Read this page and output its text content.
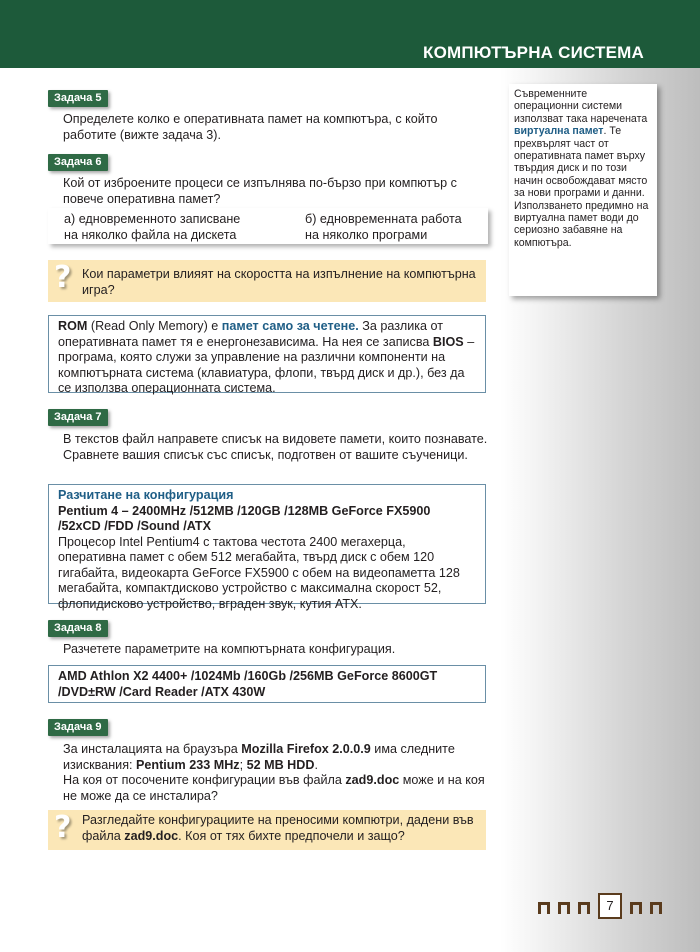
КОМПЮТЪРНА СИСТЕМА
Съвременните операционни системи използват така наречената виртуална памет. Те прехвърлят част от оперативната памет върху твърдия диск и по този начин освобождават място за нови програми и данни. Използването предимно на виртуална памет води до сериозно забавяне на компютъра.
Задача 5
Определете колко е оперативната памет на компютъра, с който работите (вижте задача 3).
Задача 6
Кой от изброените процеси се изпълнява по-бързо при компютър с повече оперативна памет?
а) едновременното записване
на няколко файла на дискета
б) едновременната работа
на няколко програми
? Кои параметри влияят на скоростта на изпълнение на компютърна игра?
ROM (Read Only Memory) е памет само за четене. За разлика от оперативната памет тя е енергонезависима. На нея се записва BIOS – програма, която служи за управление на различни компоненти на компютърната система (клавиатура, флопи, твърд диск и др.), без да се използва операционната система.
Задача 7
В текстов файл направете списък на видовете памети, които познавате. Сравнете вашия списък със списък, подготвен от вашите съученици.
Разчитане на конфигурация
Pentium 4 – 2400MHz /512MB /120GB /128MB GeForce FX5900
/52xCD /FDD /Sound /ATX
Процесор Intel Pentium4 с тактова честота 2400 мегахерца, оперативна памет с обем 512 мегабайта, твърд диск с обем 120 гигабайта, видеокарта GeForce FX5900 с обем на видеопаметта 128 мегабайта, компактдисково устройство с максимална скорост 52, флопидисково устройство, вграден звук, кутия ATX.
Задача 8
Разчетете параметрите на компютърната конфигурация.
AMD Athlon X2 4400+ /1024Mb /160Gb /256MB GeForce 8600GT
/DVD±RW /Card Reader /ATX 430W
Задача 9
За инсталацията на браузъра Mozilla Firefox 2.0.0.9 има следните изисквания: Pentium 233 MHz; 52 MB HDD.
На коя от посочените конфигурации във файла zad9.doc може и на коя не може да се инсталира?
? Разгледайте конфигурациите на преносими компютри, дадени във файла zad9.doc. Коя от тях бихте предпочели и защо?
7
